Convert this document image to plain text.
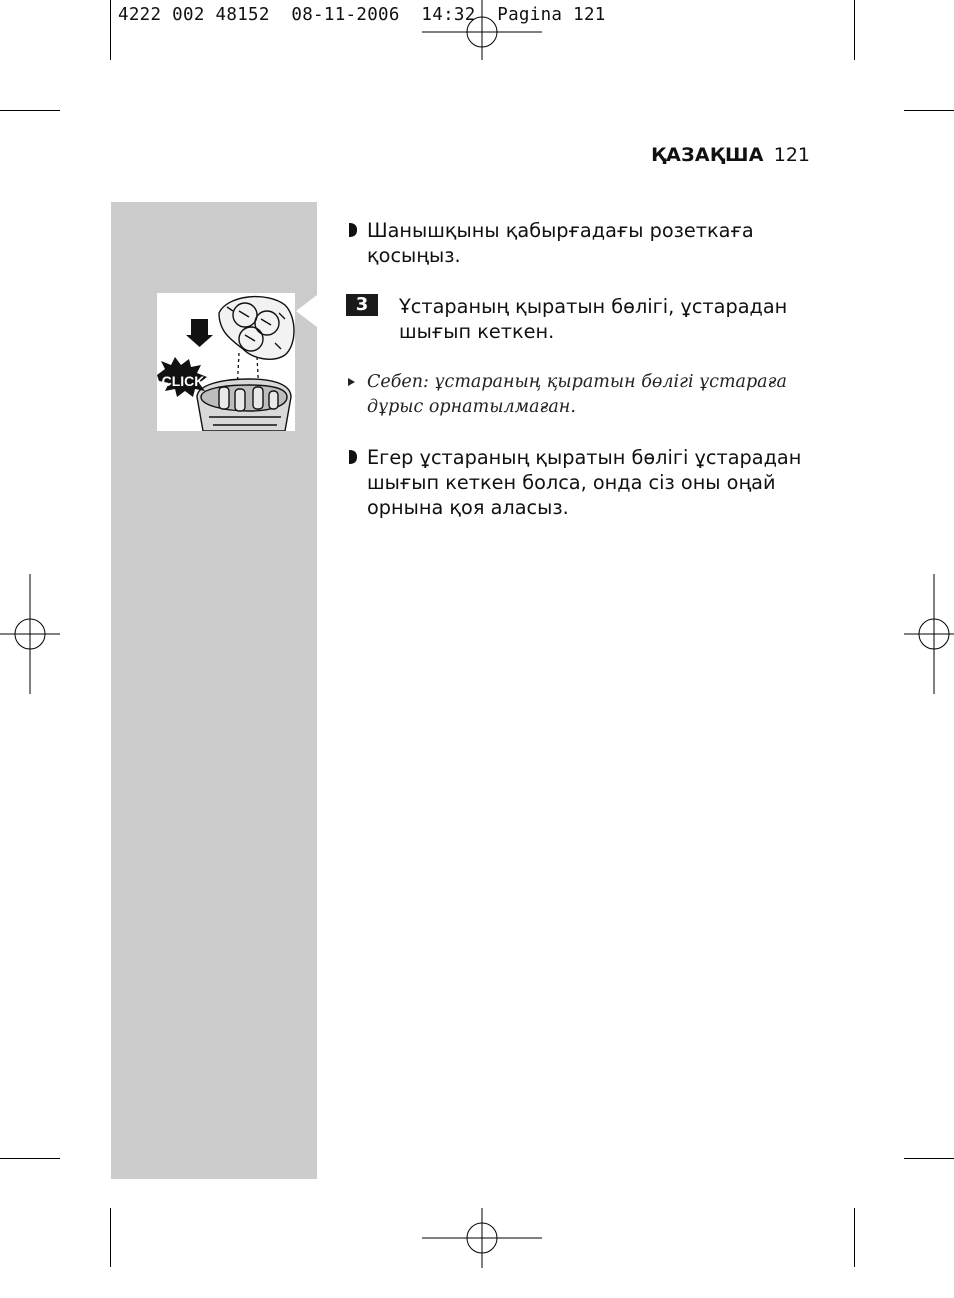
4222 002 48152  08-11-2006  14:32  Pagina 121
ҚАЗАҚША 121
CLICK
Шанышқыны қабырғадағы розеткаға қосыңыз.
3	Ұстараның қыратын бөлігі, ұстарадан шығып кеткен.
Себеп: ұстараның қыратын бөлігі ұстараға дұрыс орнатылмаған.
Егер ұстараның қыратын бөлігі ұстарадан шығып кеткен болса, онда сіз оны оңай орнына қоя аласыз.
